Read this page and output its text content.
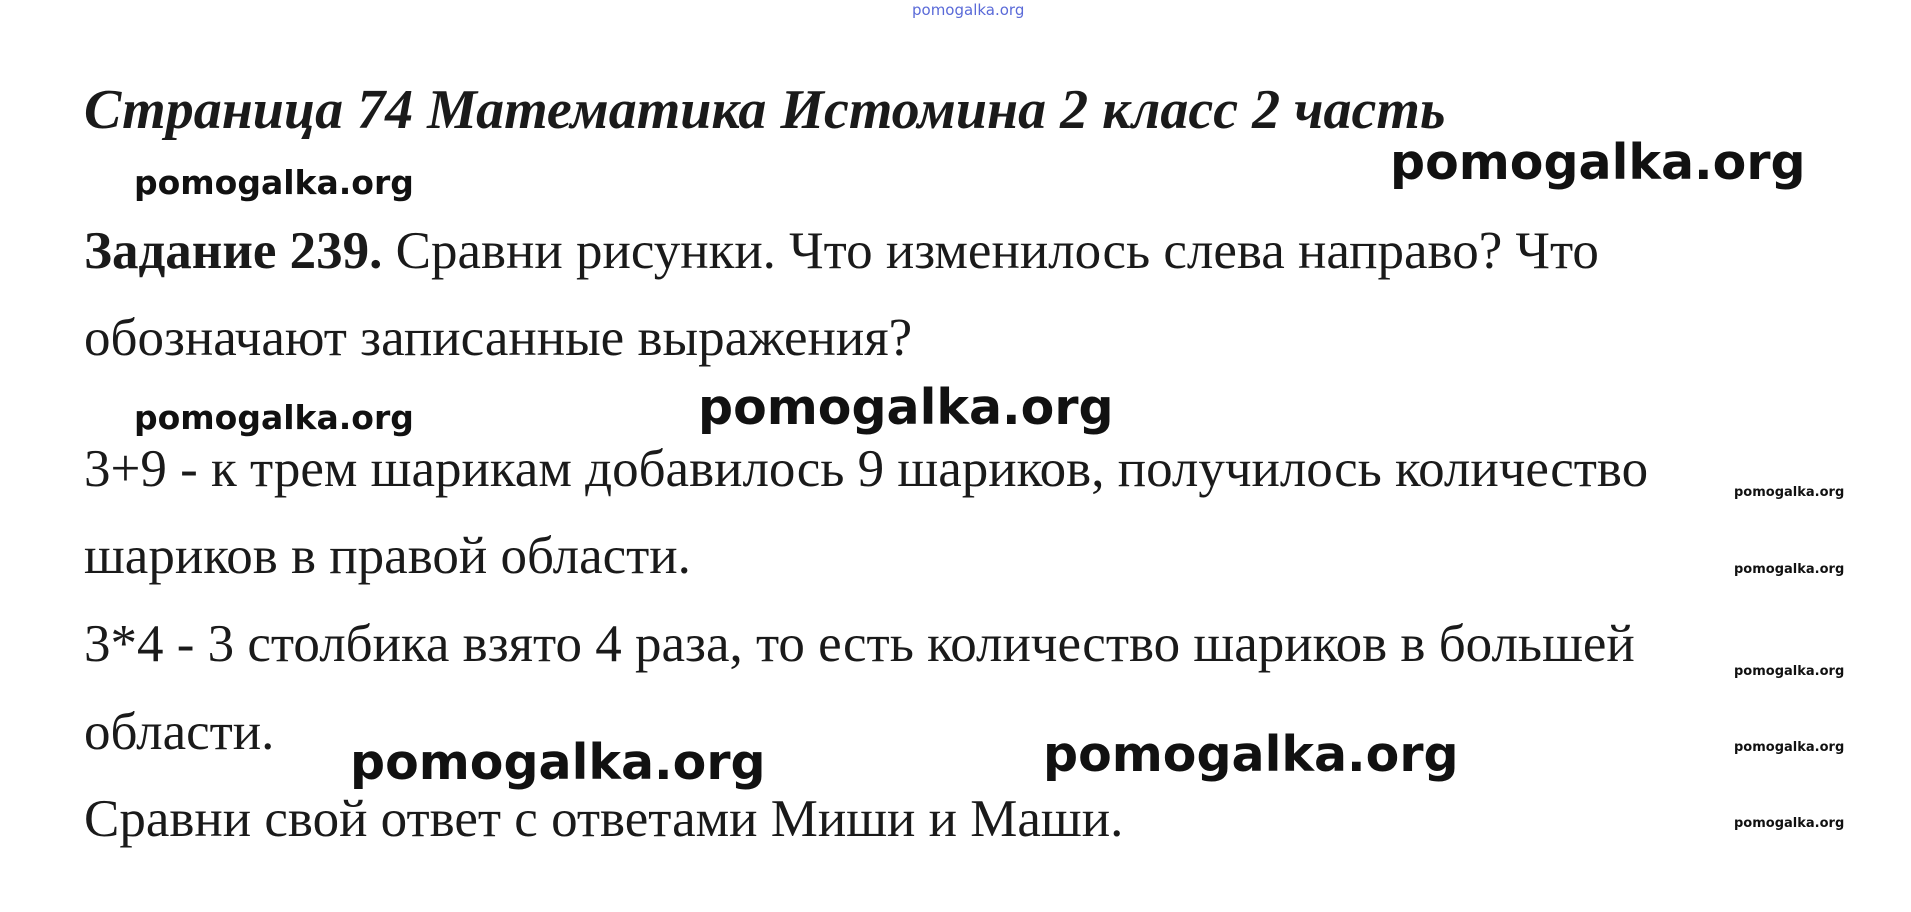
pomogalka.org
Страница 74 Математика Истомина 2 класс 2 часть
pomogalka.org
pomogalka.org
Задание 239. Сравни рисунки. Что изменилось слева направо? Что
обозначают записанные выражения?
pomogalka.org	pomogalka.org
3+9 - к трем шарикам добавилось 9 шариков, получилось количество	pomogalka.org
шариков в правой области.	pomogalka.org
3*4 - 3 столбика взято 4 раза, то есть количество шариков в большей	pomogalka.org
области.
pomogalka.org	pomogalka.org	pomogalka.org
Сравни свой ответ с ответами Миши и Маши.	pomogalka.org
